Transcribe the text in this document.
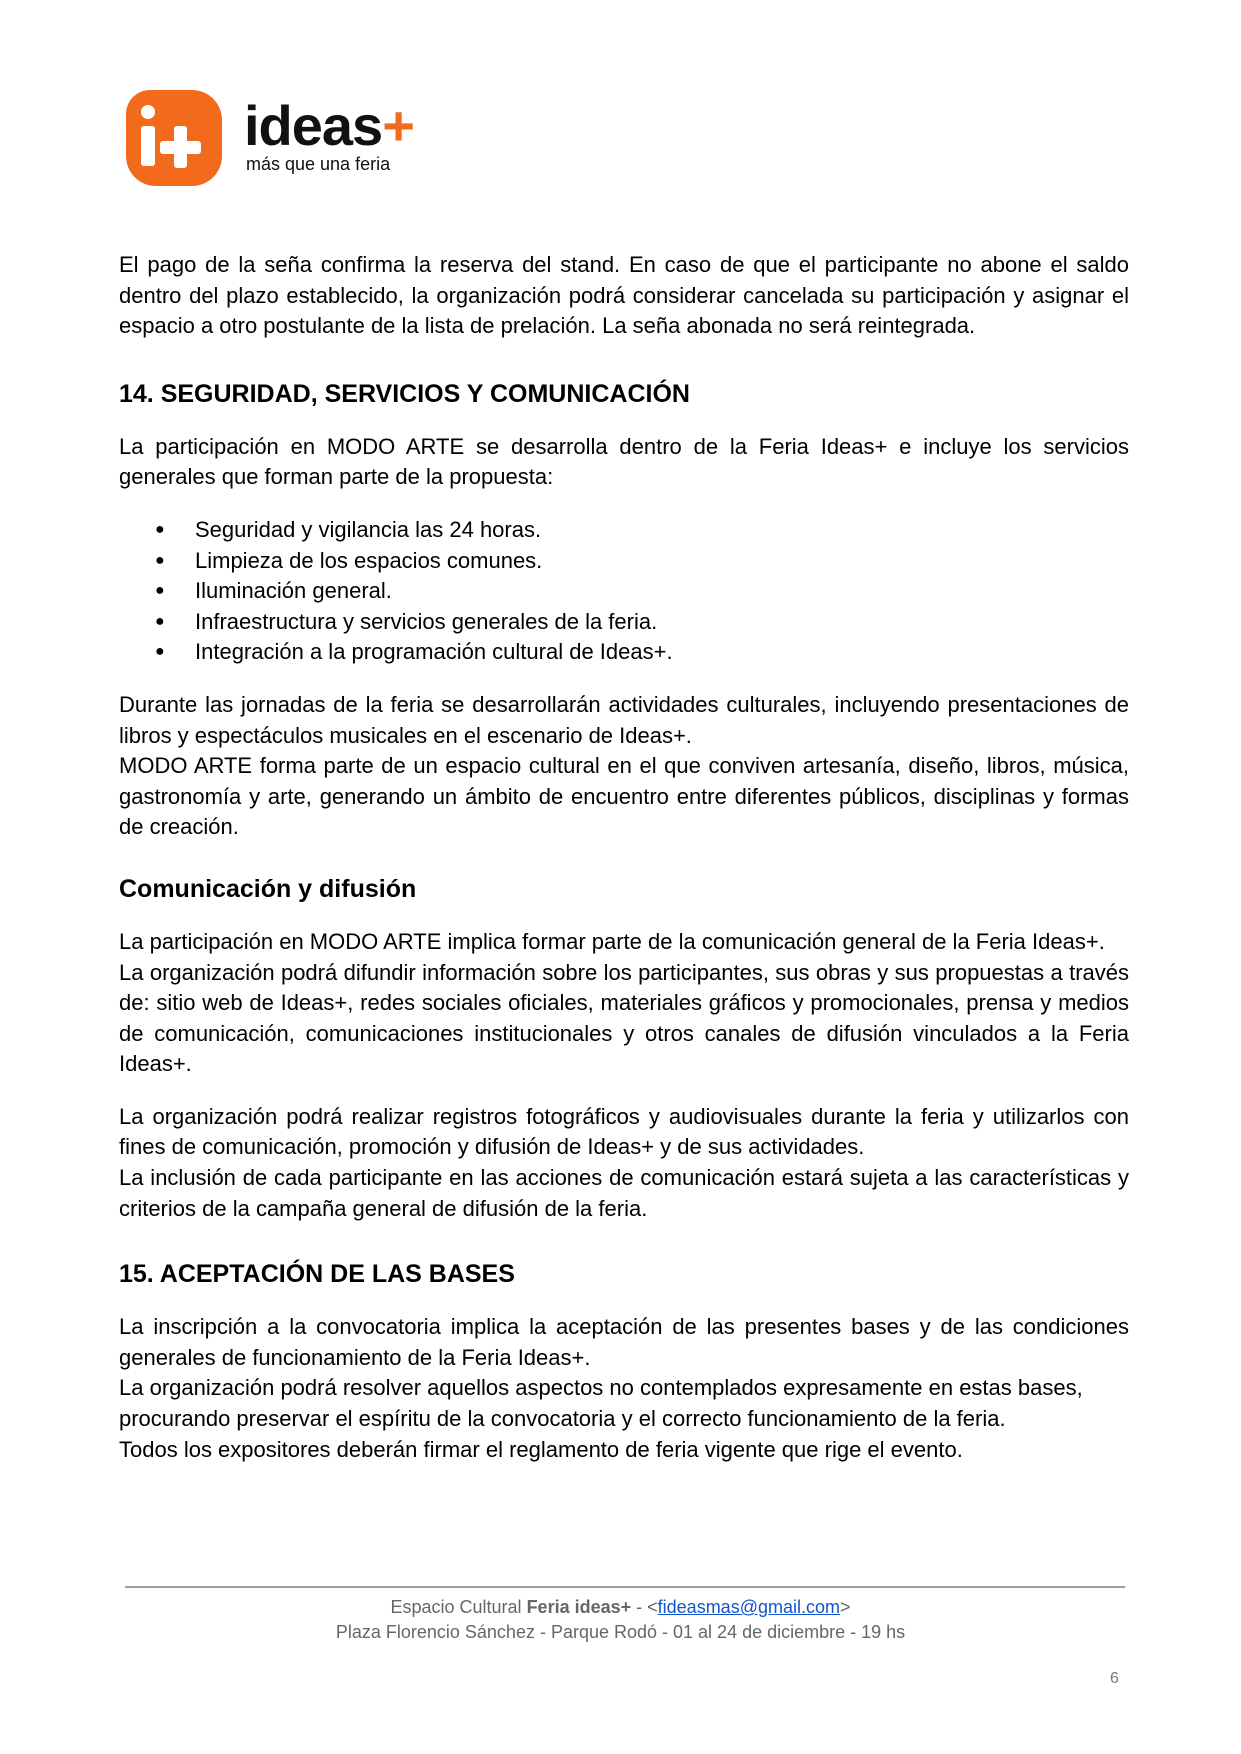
ideas+
más que una feria

El pago de la seña confirma la reserva del stand. En caso de que el participante no abone el saldo dentro del plazo establecido, la organización podrá considerar cancelada su participación y asignar el espacio a otro postulante de la lista de prelación. La seña abonada no será reintegrada.

14. SEGURIDAD, SERVICIOS Y COMUNICACIÓN

La participación en MODO ARTE se desarrolla dentro de la Feria Ideas+ e incluye los servicios generales que forman parte de la propuesta:

● Seguridad y vigilancia las 24 horas.
● Limpieza de los espacios comunes.
● Iluminación general.
● Infraestructura y servicios generales de la feria.
● Integración a la programación cultural de Ideas+.

Durante las jornadas de la feria se desarrollarán actividades culturales, incluyendo presentaciones de libros y espectáculos musicales en el escenario de Ideas+.

MODO ARTE forma parte de un espacio cultural en el que conviven artesanía, diseño, libros, música, gastronomía y arte, generando un ámbito de encuentro entre diferentes públicos, disciplinas y formas de creación.

Comunicación y difusión

La participación en MODO ARTE implica formar parte de la comunicación general de la Feria Ideas+.

La organización podrá difundir información sobre los participantes, sus obras y sus propuestas a través de: sitio web de Ideas+, redes sociales oficiales, materiales gráficos y promocionales, prensa y medios de comunicación, comunicaciones institucionales y otros canales de difusión vinculados a la Feria Ideas+.

La organización podrá realizar registros fotográficos y audiovisuales durante la feria y utilizarlos con fines de comunicación, promoción y difusión de Ideas+ y de sus actividades.

La inclusión de cada participante en las acciones de comunicación estará sujeta a las características y criterios de la campaña general de difusión de la feria.

15. ACEPTACIÓN DE LAS BASES

La inscripción a la convocatoria implica la aceptación de las presentes bases y de las condiciones generales de funcionamiento de la Feria Ideas+.

La organización podrá resolver aquellos aspectos no contemplados expresamente en estas bases, procurando preservar el espíritu de la convocatoria y el correcto funcionamiento de la feria.

Todos los expositores deberán firmar el reglamento de feria vigente que rige el evento.

Espacio Cultural Feria ideas+ - <fideasmas@gmail.com>
Plaza Florencio Sánchez - Parque Rodó - 01 al 24 de diciembre - 19 hs
6
